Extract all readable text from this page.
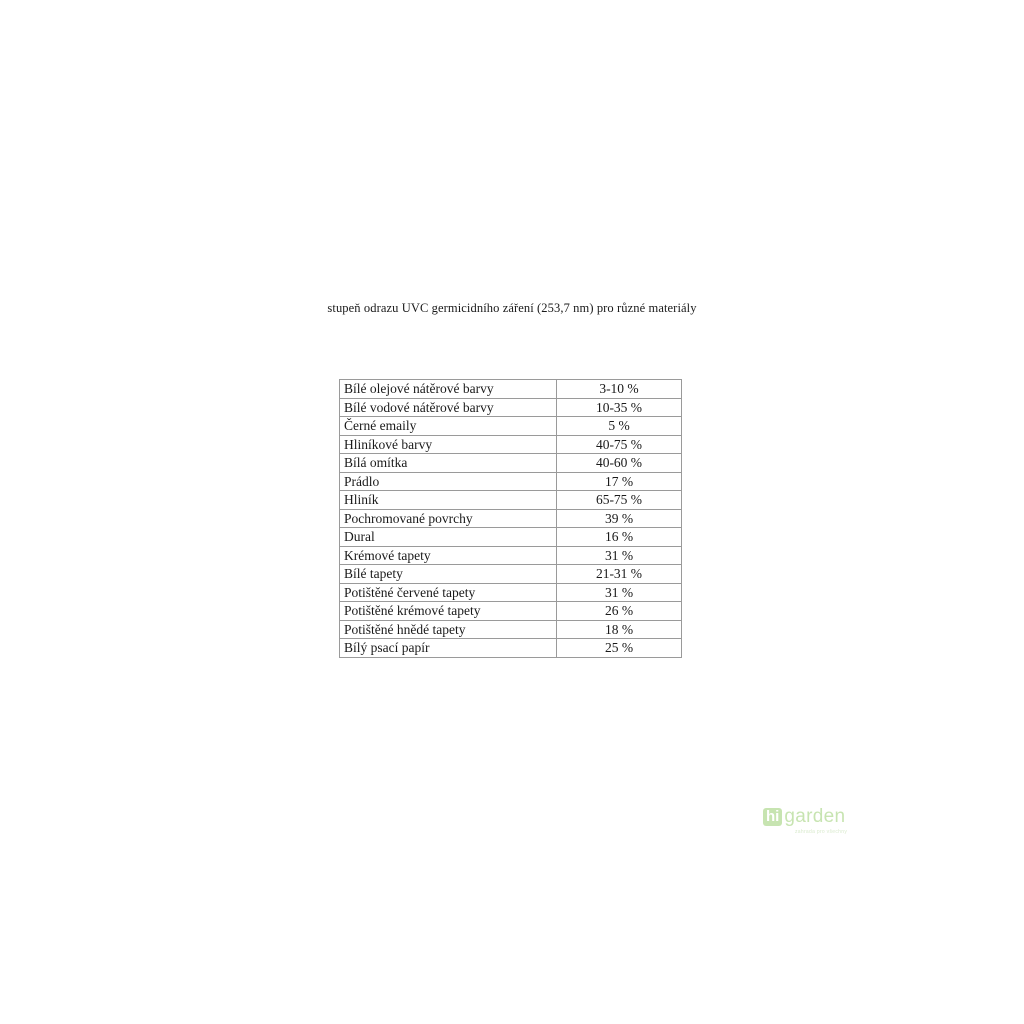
stupeň odrazu UVC germicidního záření (253,7 nm) pro různé materiály
Bílé olejové nátěrové barvy	3-10 %
Bílé vodové nátěrové barvy	10-35 %
Černé emaily	5 %
Hliníkové barvy	40-75 %
Bílá omítka	40-60 %
Prádlo	17 %
Hliník	65-75 %
Pochromované povrchy	39 %
Dural	16 %
Krémové tapety	31 %
Bílé tapety	21-31 %
Potištěné červené tapety	31 %
Potištěné krémové tapety	26 %
Potištěné hnědé tapety	18 %
Bílý psací papír	25 %
hi garden
zahrada pro všechny
